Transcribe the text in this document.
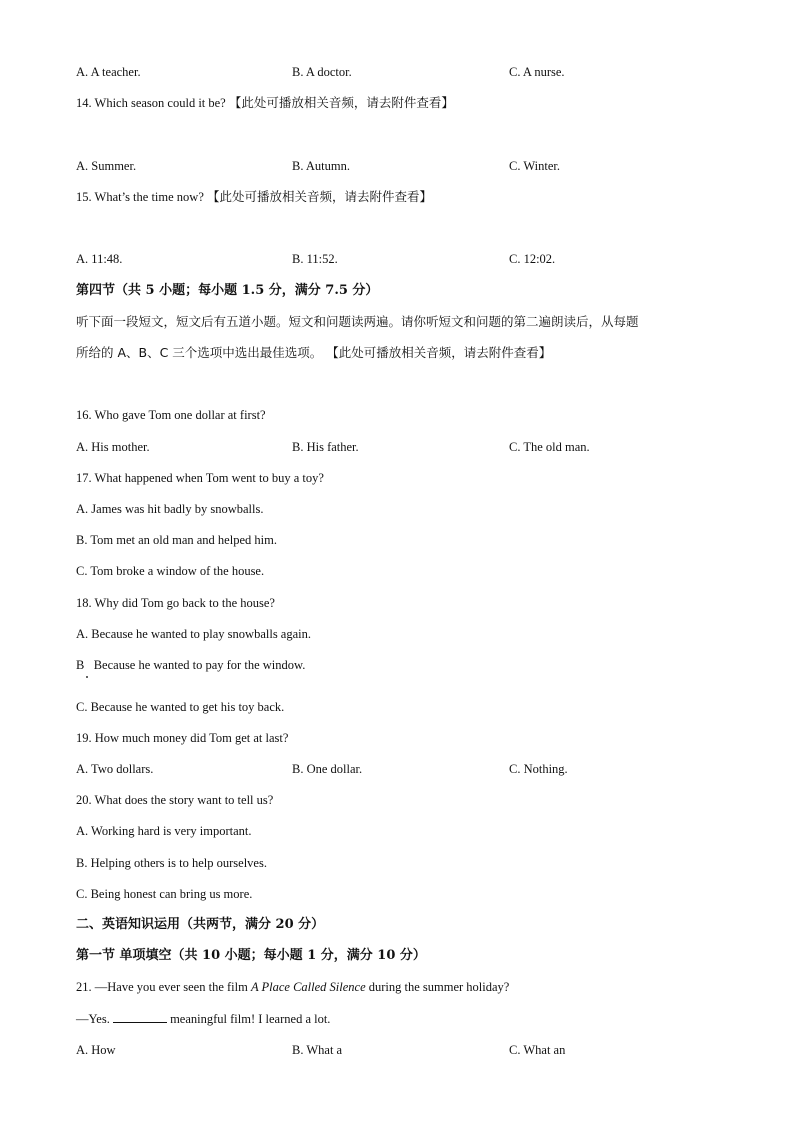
A. A teacher.	B. A doctor.	C. A nurse.
14. Which season could it be? 【此处可播放相关音频，请去附件查看】
A. Summer.	B. Autumn.	C. Winter.
15. What’s the time now? 【此处可播放相关音频，请去附件查看】
A. 11:48.	B. 11:52.	C. 12:02.
第四节（共 5 小题；每小题 1.5 分，满分 7.5 分）
听下面一段短文，短文后有五道小题。短文和问题读两遍。请你听短文和问题的第二遍朗读后，从每题
所给的 A、B、C 三个选项中选出最佳选项。 【此处可播放相关音频，请去附件查看】
16. Who gave Tom one dollar at first?
A. His mother.	B. His father.	C. The old man.
17. What happened when Tom went to buy a toy?
A. James was hit badly by snowballs.
B. Tom met an old man and helped him.
C. Tom broke a window of the house.
18. Why did Tom go back to the house?
A. Because he wanted to play snowballs again.
B   Because he wanted to pay for the window.
C. Because he wanted to get his toy back.
19. How much money did Tom get at last?
A. Two dollars.	B. One dollar.	C. Nothing.
20. What does the story want to tell us?
A. Working hard is very important.
B. Helping others is to help ourselves.
C. Being honest can bring us more.
二、英语知识运用（共两节，满分 20 分）
第一节 单项填空（共 10 小题；每小题 1 分，满分 10 分）
21. —Have you ever seen the film A Place Called Silence during the summer holiday?
—Yes.	meaningful film! I learned a lot.
A. How	B. What a	C. What an
